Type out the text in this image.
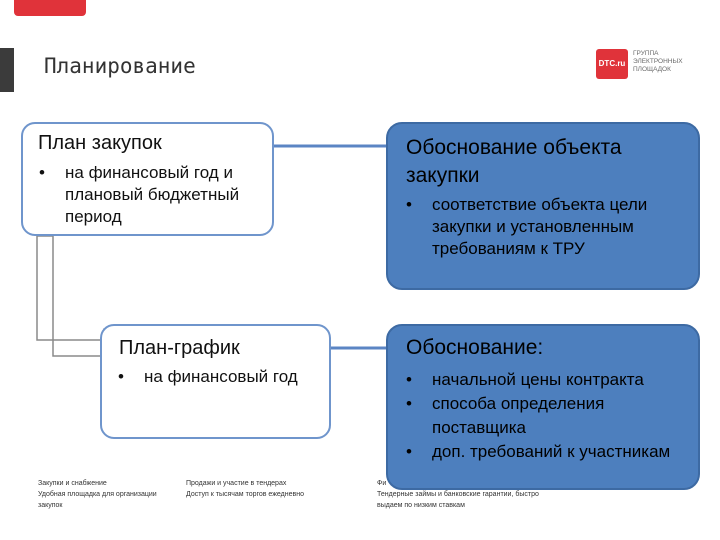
Планирование	DTC.ru
ГРУППА
ЭЛЕКТРОННЫХ
ПЛОЩАДОК
Закупки и снабжение
Удобная площадка для организации закупок
Продажи и участие в тендерах
Доступ к тысячам торгов ежедневно
Фи
Тендерные займы и банковские гарантии, быстро выдаем по низким ставкам
План закупок
• на финансовый год и плановый бюджетный период
План-график
• на финансовый год
Обоснование объекта закупки
• соответствие объекта цели закупки и установленным требованиям к ТРУ
Обоснование:
• начальной цены контракта
• способа определения поставщика
• доп. требований к участникам
